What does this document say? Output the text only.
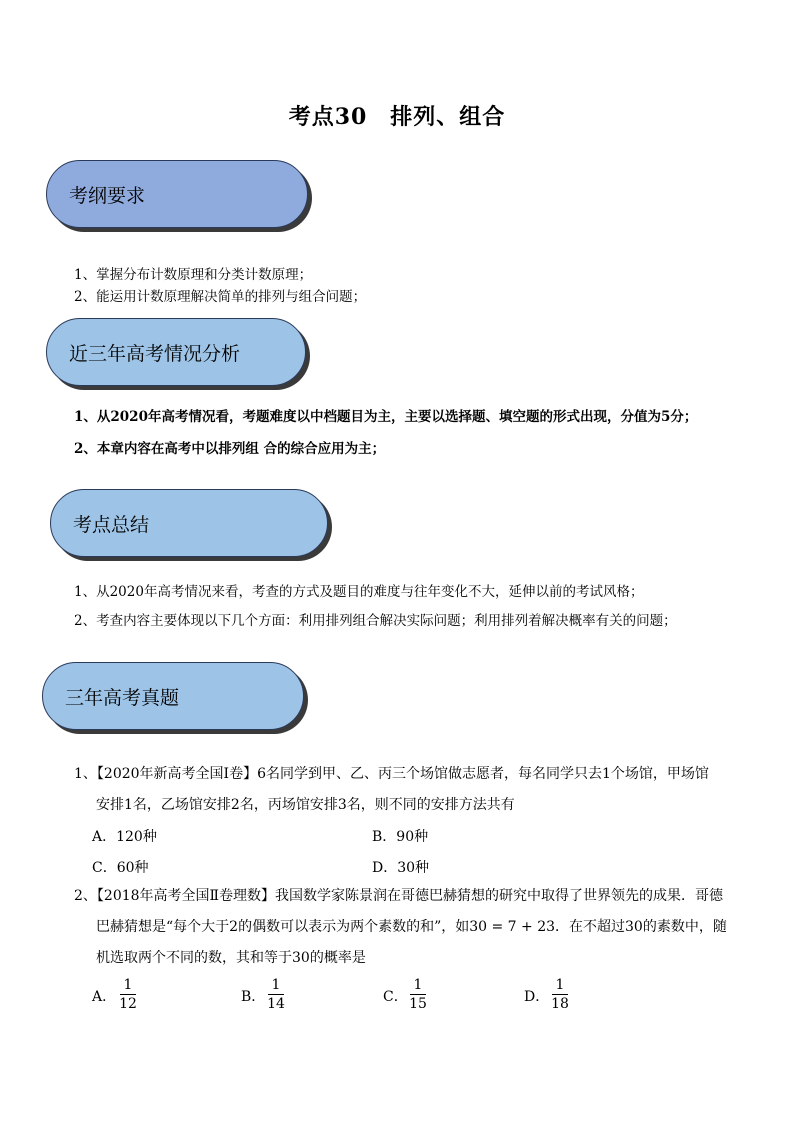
考点30　排列、组合
考纲要求
1、掌握分布计数原理和分类计数原理；
2、能运用计数原理解决简单的排列与组合问题；
近三年高考情况分析
1、从2020年高考情况看，考题难度以中档题目为主，主要以选择题、填空题的形式出现，分值为5分；
2、本章内容在高考中以排列组 合的综合应用为主；
考点总结
1、从2020年高考情况来看，考查的方式及题目的难度与往年变化不大，延伸以前的考试风格；
2、考查内容主要体现以下几个方面：利用排列组合解决实际问题；利用排列着解决概率有关的问题；
三年高考真题
1、【2020年新高考全国Ⅰ卷】6名同学到甲、乙、丙三个场馆做志愿者，每名同学只去1个场馆，甲场馆
安排1名，乙场馆安排2名，丙场馆安排3名，则不同的安排方法共有
A．120种	B．90种
C．60种	D．30种
2、【2018年高考全国Ⅱ卷理数】我国数学家陈景润在哥德巴赫猜想的研究中取得了世界领先的成果．哥德
巴赫猜想是“每个大于2的偶数可以表示为两个素数的和”，如30 = 7 + 23．在不超过30的素数中，随
机选取两个不同的数，其和等于30的概率是
A．
1
12	B．
1
14	C．
1
15	D．
1
18
